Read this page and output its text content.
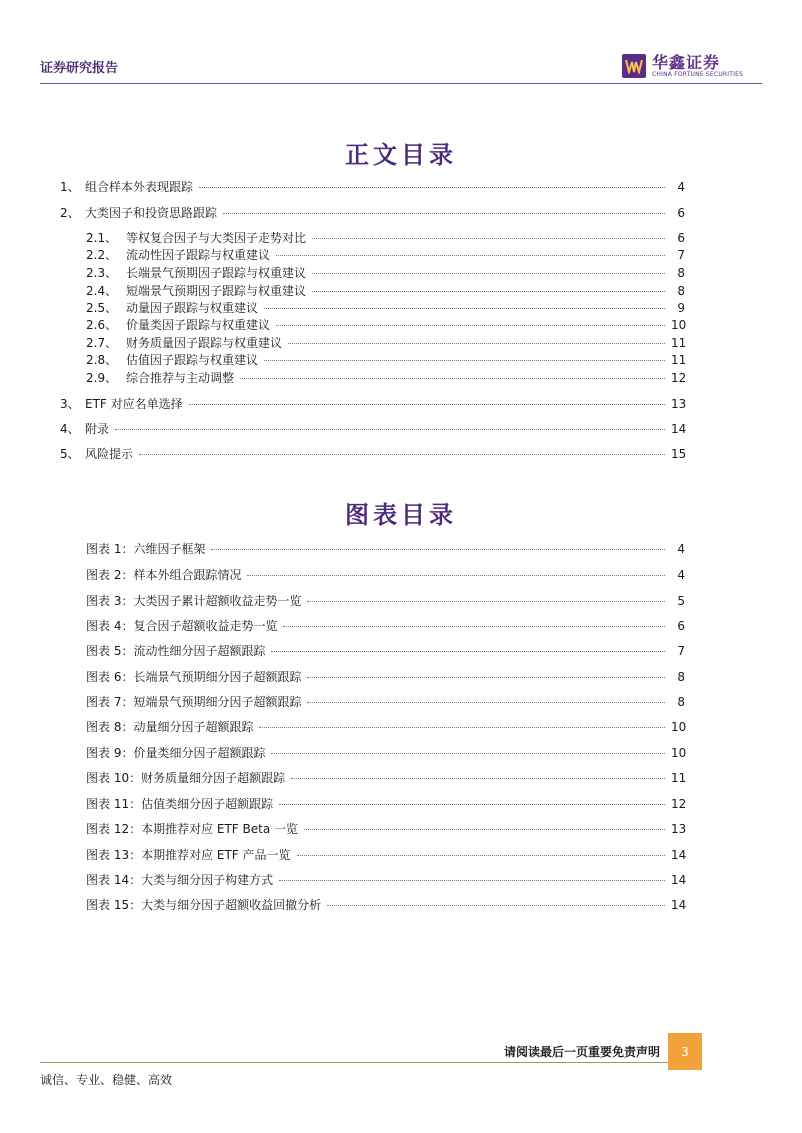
证券研究报告	华鑫证券
CHINA FORTUNE SECURITIES
正文目录
1、 组合样本外表现跟踪	4
2、 大类因子和投资思路跟踪	6
2.1、 等权复合因子与大类因子走势对比	6
2.2、 流动性因子跟踪与权重建议	7
2.3、 长端景气预期因子跟踪与权重建议	8
2.4、 短端景气预期因子跟踪与权重建议	8
2.5、 动量因子跟踪与权重建议	9
2.6、 价量类因子跟踪与权重建议	10
2.7、 财务质量因子跟踪与权重建议	11
2.8、 估值因子跟踪与权重建议	11
2.9、 综合推荐与主动调整	12
3、 ETF 对应名单选择	13
4、 附录	14
5、 风险提示	15
图表目录
图表 1：六维因子框架	4
图表 2：样本外组合跟踪情况	4
图表 3：大类因子累计超额收益走势一览	5
图表 4：复合因子超额收益走势一览	6
图表 5：流动性细分因子超额跟踪	7
图表 6：长端景气预期细分因子超额跟踪	8
图表 7：短端景气预期细分因子超额跟踪	8
图表 8：动量细分因子超额跟踪	10
图表 9：价量类细分因子超额跟踪	10
图表 10：财务质量细分因子超额跟踪	11
图表 11：估值类细分因子超额跟踪	12
图表 12：本期推荐对应 ETF Beta 一览	13
图表 13：本期推荐对应 ETF 产品一览	14
图表 14：大类与细分因子构建方式	14
图表 15：大类与细分因子超额收益回撤分析	14
请阅读最后一页重要免责声明	3
诚信、专业、稳健、高效
